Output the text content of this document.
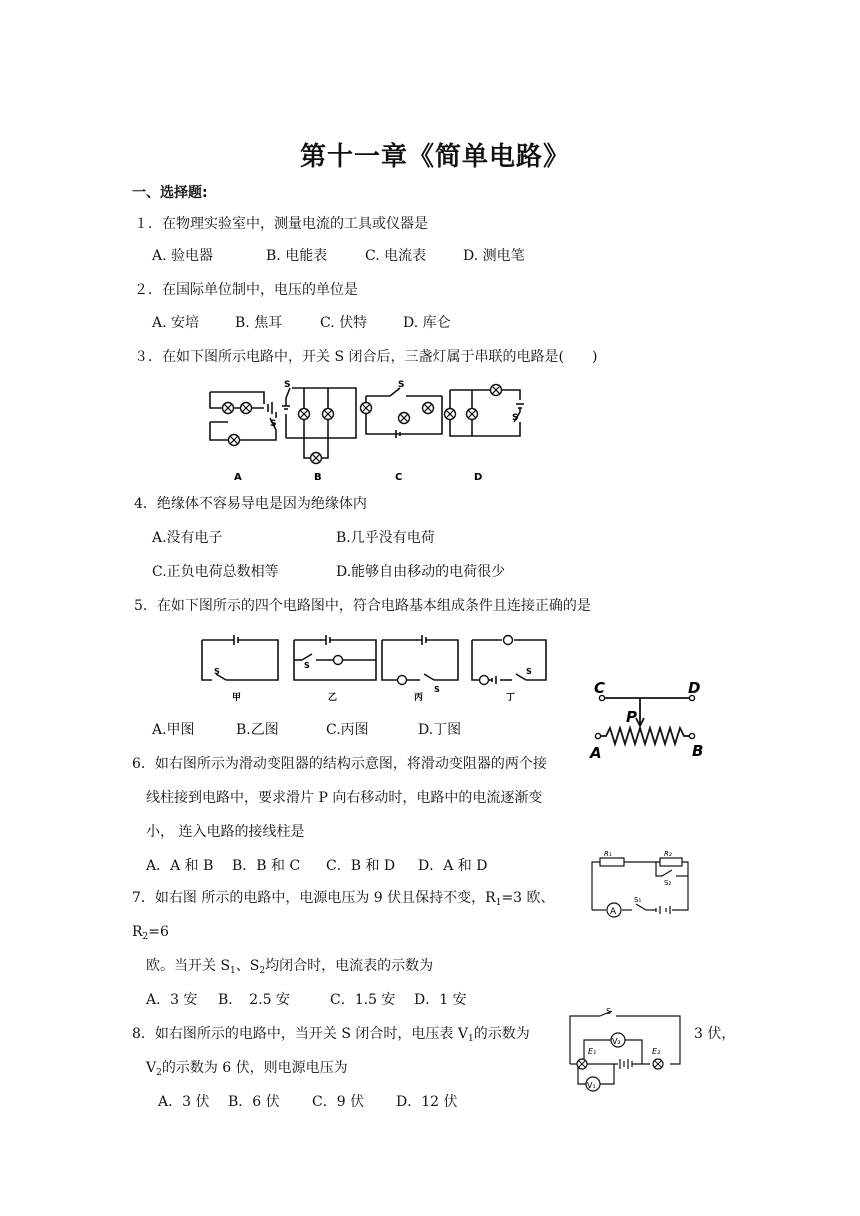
第十一章《简单电路》
一、选择题:
１．在物理实验室中，测量电流的工具或仪器是
A. 验电器	B. 电能表	C. 电流表	D. 测电笔
２．在国际单位制中，电压的单位是
A. 安培	B. 焦耳	C. 伏特	D. 库仑
３．在如下图所示电路中，开关 S 闭合后，三盏灯属于串联的电路是(　　)
S
S	S
S
A	B	C	D
4．绝缘体不容易导电是因为绝缘体内
A.没有电子	B.几乎没有电荷
C.正负电荷总数相等	D.能够自由移动的电荷很少
5．在如下图所示的四个电路图中，符合电路基本组成条件且连接正确的是
S
S
S
S
甲	乙	丙	丁
A.甲图	B.乙图	C.丙图	D.丁图
C	D
P
A	B
6．如右图所示为滑动变阻器的结构示意图，将滑动变阻器的两个接
线柱接到电路中，要求滑片 P 向右移动时，电路中的电流逐渐变
小， 连入电路的接线柱是
A．A 和 B B．B 和 C C．B 和 D D．A 和 D
A
R₁	R₂
S₂
S₁
7．如右图 所示的电路中，电源电压为 9 伏且保持不变，$R_1=3$ 欧、
$R_2=6$
欧。当开关 $S_1$、$S_2$均闭合时，电流表的示数为
A．3 安 B．　2.5 安	C．1.5 安 D．1 安
S
V₂
E₁	E₂
V₁
8．如右图所示的电路中，当开关 S 闭合时，电压表 $V_1$的示数为	3 伏，
$V_2$的示数为 6 伏，则电源电压为
A．3 伏 B．6 伏 C．9 伏 D．12 伏
